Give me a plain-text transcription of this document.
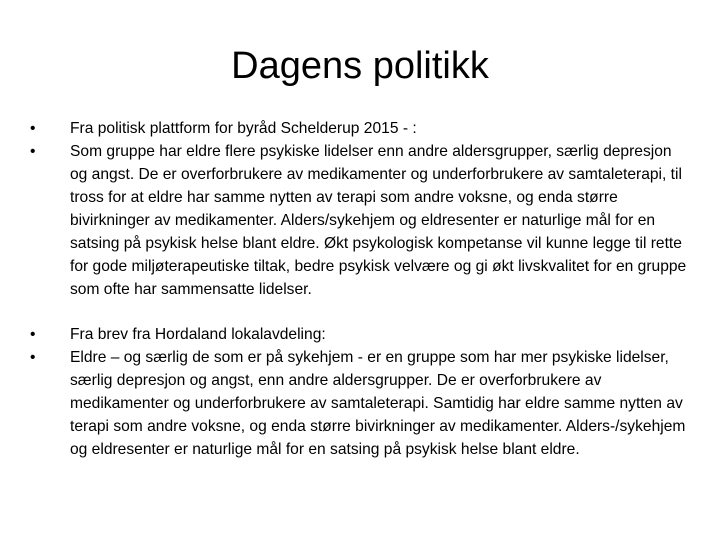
Dagens politikk
•	Fra politisk plattform for byråd Schelderup 2015 - :
•	Som gruppe har eldre flere psykiske lidelser enn andre aldersgrupper, særlig depresjon og angst. De er overforbrukere av medikamenter og underforbrukere av samtaleterapi, til tross for at eldre har samme nytten av terapi som andre voksne, og enda større bivirkninger av medikamenter. Alders/sykehjem og eldresenter er naturlige mål for en satsing på psykisk helse blant eldre. Økt psykologisk kompetanse vil kunne legge til rette for gode miljøterapeutiske tiltak, bedre psykisk velvære og gi økt livskvalitet for en gruppe som ofte har sammensatte lidelser.
•	Fra brev fra Hordaland lokalavdeling:
•	Eldre – og særlig de som er på sykehjem - er en gruppe som har mer psykiske lidelser, særlig depresjon og angst, enn andre aldersgrupper. De er overforbrukere av medikamenter og underforbrukere av samtaleterapi. Samtidig har eldre samme nytten av terapi som andre voksne, og enda større bivirkninger av medikamenter. Alders-/sykehjem og eldresenter er naturlige mål for en satsing på psykisk helse blant eldre.
